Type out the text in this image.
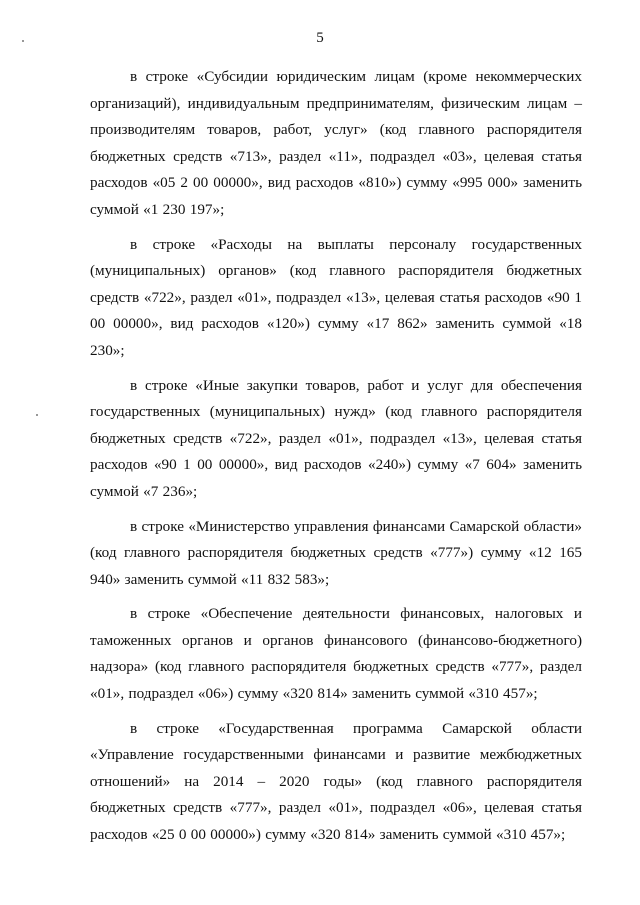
5

в строке «Субсидии юридическим лицам (кроме некоммерческих организаций), индивидуальным предпринимателям, физическим лицам – производителям товаров, работ, услуг» (код главного распорядителя бюджетных средств «713», раздел «11», подраздел «03», целевая статья расходов «05 2 00 00000», вид расходов «810») сумму «995 000» заменить суммой «1 230 197»;

в строке «Расходы на выплаты персоналу государственных (муниципальных) органов» (код главного распорядителя бюджетных средств «722», раздел «01», подраздел «13», целевая статья расходов «90 1 00 00000», вид расходов «120») сумму «17 862» заменить суммой «18 230»;

в строке «Иные закупки товаров, работ и услуг для обеспечения государственных (муниципальных) нужд» (код главного распорядителя бюджетных средств «722», раздел «01», подраздел «13», целевая статья расходов «90 1 00 00000», вид расходов «240») сумму «7 604» заменить суммой «7 236»;

в строке «Министерство управления финансами Самарской области» (код главного распорядителя бюджетных средств «777») сумму «12 165 940» заменить суммой «11 832 583»;

в строке «Обеспечение деятельности финансовых, налоговых и таможенных органов и органов финансового (финансово-бюджетного) надзора» (код главного распорядителя бюджетных средств «777», раздел «01», подраздел «06») сумму «320 814» заменить суммой «310 457»;

в строке «Государственная программа Самарской области «Управление государственными финансами и развитие межбюджетных отношений» на 2014 – 2020 годы» (код главного распорядителя бюджетных средств «777», раздел «01», подраздел «06», целевая статья расходов «25 0 00 00000») сумму «320 814» заменить суммой «310 457»;
